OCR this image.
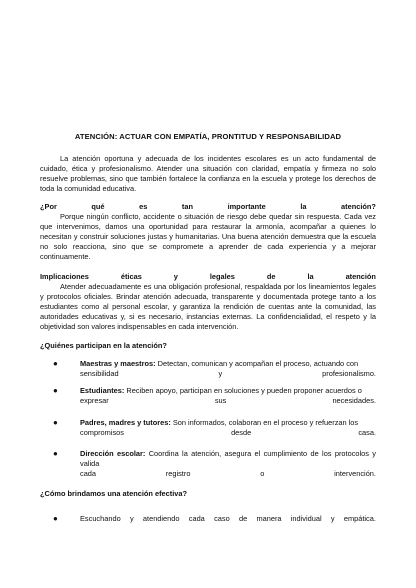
ATENCIÓN: ACTUAR CON EMPATÍA, PRONTITUD Y RESPONSABILIDAD

La atención oportuna y adecuada de los incidentes escolares es un acto fundamental de cuidado, ética y profesionalismo. Atender una situación con claridad, empatía y firmeza no solo resuelve problemas, sino que también fortalece la confianza en la escuela y protege los derechos de toda la comunidad educativa.

¿Por	qué	es	tan	importante	la	atención?

Porque ningún conflicto, accidente o situación de riesgo debe quedar sin respuesta. Cada vez que intervenimos, damos una oportunidad para restaurar la armonía, acompañar a quienes lo necesitan y construir soluciones justas y humanitarias. Una buena atención demuestra que la escuela no solo reacciona, sino que se compromete a aprender de cada experiencia y a mejorar continuamente.

Implicaciones	éticas	y	legales	de	la	atención

Atender adecuadamente es una obligación profesional, respaldada por los lineamientos legales y protocolos oficiales. Brindar atención adecuada, transparente y documentada protege tanto a los estudiantes como al personal escolar, y garantiza la rendición de cuentas ante la comunidad, las autoridades educativas y, si es necesario, instancias externas. La confidencialidad, el respeto y la objetividad son valores indispensables en cada intervención.

¿Quiénes participan en la atención?
●	Maestras y maestros: Detectan, comunican y acompañan el proceso, actuando con
sensibilidad	y	profesionalismo.
●	Estudiantes: Reciben apoyo, participan en soluciones y pueden proponer acuerdos o
expresar	sus	necesidades.
●	Padres, madres y tutores: Son informados, colaboran en el proceso y refuerzan los
compromisos	desde	casa.
●	Dirección escolar: Coordina la atención, asegura el cumplimiento de los protocolos y valida
cada	registro	o	intervención.
¿Cómo brindamos una atención efectiva?
●	Escuchando y atendiendo cada caso de manera individual y empática.
